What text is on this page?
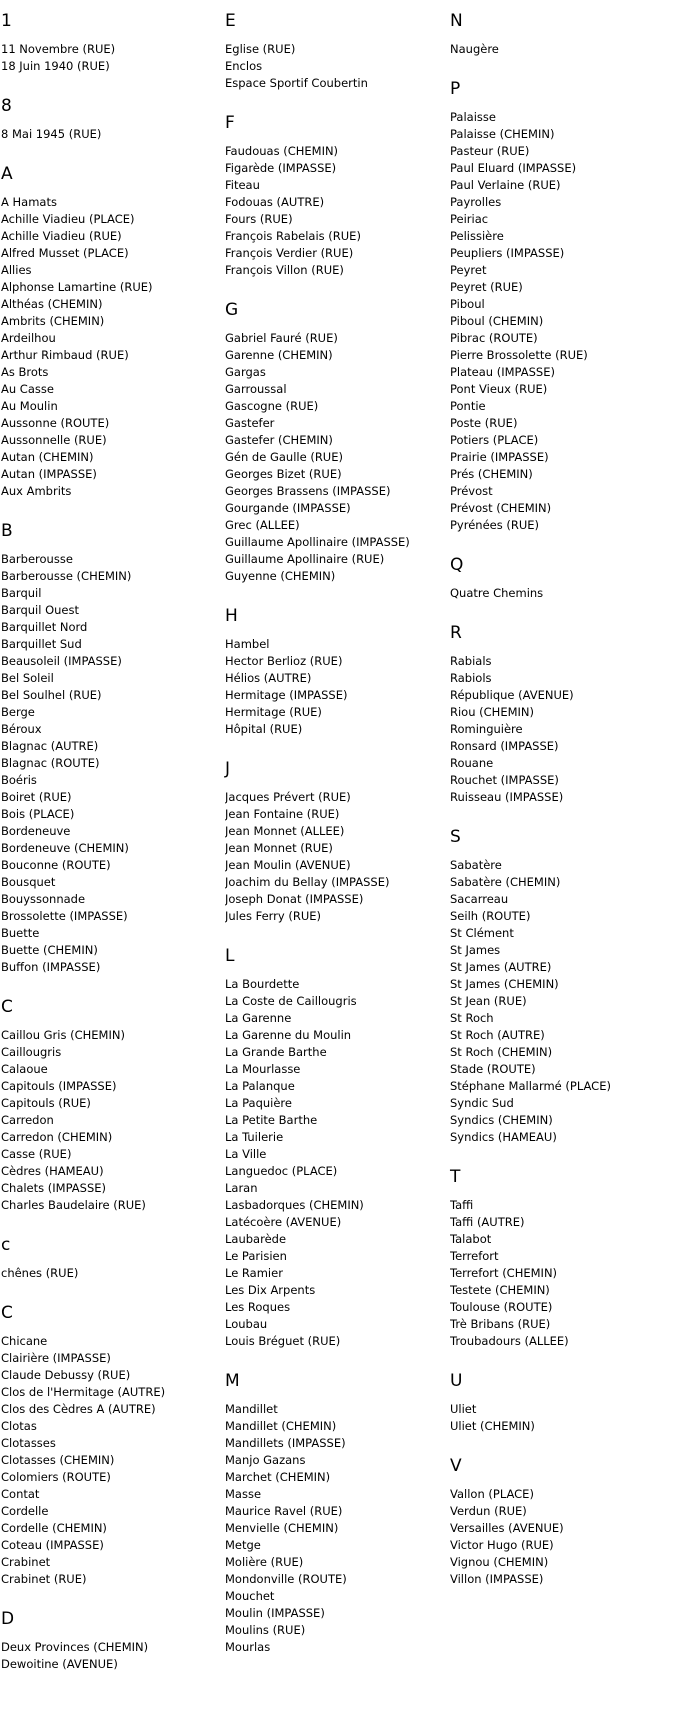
1
11 Novembre (RUE)
18 Juin 1940 (RUE)
8
8 Mai 1945 (RUE)
A
A Hamats
Achille Viadieu (PLACE)
Achille Viadieu (RUE)
Alfred Musset (PLACE)
Allies
Alphonse Lamartine (RUE)
Althéas (CHEMIN)
Ambrits (CHEMIN)
Ardeilhou
Arthur Rimbaud (RUE)
As Brots
Au Casse
Au Moulin
Aussonne (ROUTE)
Aussonnelle (RUE)
Autan (CHEMIN)
Autan (IMPASSE)
Aux Ambrits
B
Barberousse
Barberousse (CHEMIN)
Barquil
Barquil Ouest
Barquillet Nord
Barquillet Sud
Beausoleil (IMPASSE)
Bel Soleil
Bel Soulhel (RUE)
Berge
Béroux
Blagnac (AUTRE)
Blagnac (ROUTE)
Boéris
Boiret (RUE)
Bois (PLACE)
Bordeneuve
Bordeneuve (CHEMIN)
Bouconne (ROUTE)
Bousquet
Bouyssonnade
Brossolette (IMPASSE)
Buette
Buette (CHEMIN)
Buffon (IMPASSE)
C
Caillou Gris (CHEMIN)
Caillougris
Calaoue
Capitouls (IMPASSE)
Capitouls (RUE)
Carredon
Carredon (CHEMIN)
Casse (RUE)
Cèdres (HAMEAU)
Chalets (IMPASSE)
Charles Baudelaire (RUE)
c
chênes (RUE)
C
Chicane
Clairière (IMPASSE)
Claude Debussy (RUE)
Clos de l'Hermitage (AUTRE)
Clos des Cèdres A (AUTRE)
Clotas
Clotasses
Clotasses (CHEMIN)
Colomiers (ROUTE)
Contat
Cordelle
Cordelle (CHEMIN)
Coteau (IMPASSE)
Crabinet
Crabinet (RUE)
D
Deux Provinces (CHEMIN)
Dewoitine (AVENUE)
E
Eglise (RUE)
Enclos
Espace Sportif Coubertin
F
Faudouas (CHEMIN)
Figarède (IMPASSE)
Fiteau
Fodouas (AUTRE)
Fours (RUE)
François Rabelais (RUE)
François Verdier (RUE)
François Villon (RUE)
G
Gabriel Fauré (RUE)
Garenne (CHEMIN)
Gargas
Garroussal
Gascogne (RUE)
Gastefer
Gastefer (CHEMIN)
Gén de Gaulle (RUE)
Georges Bizet (RUE)
Georges Brassens (IMPASSE)
Gourgande (IMPASSE)
Grec (ALLEE)
Guillaume Apollinaire (IMPASSE)
Guillaume Apollinaire (RUE)
Guyenne (CHEMIN)
H
Hambel
Hector Berlioz (RUE)
Hélios (AUTRE)
Hermitage (IMPASSE)
Hermitage (RUE)
Hôpital (RUE)
J
Jacques Prévert (RUE)
Jean Fontaine (RUE)
Jean Monnet (ALLEE)
Jean Monnet (RUE)
Jean Moulin (AVENUE)
Joachim du Bellay (IMPASSE)
Joseph Donat (IMPASSE)
Jules Ferry (RUE)
L
La Bourdette
La Coste de Caillougris
La Garenne
La Garenne du Moulin
La Grande Barthe
La Mourlasse
La Palanque
La Paquière
La Petite Barthe
La Tuilerie
La Ville
Languedoc (PLACE)
Laran
Lasbadorques (CHEMIN)
Latécoère (AVENUE)
Laubarède
Le Parisien
Le Ramier
Les Dix Arpents
Les Roques
Loubau
Louis Bréguet (RUE)
M
Mandillet
Mandillet (CHEMIN)
Mandillets (IMPASSE)
Manjo Gazans
Marchet (CHEMIN)
Masse
Maurice Ravel (RUE)
Menvielle (CHEMIN)
Metge
Molière (RUE)
Mondonville (ROUTE)
Mouchet
Moulin (IMPASSE)
Moulins (RUE)
Mourlas
N
Naugère
P
Palaisse
Palaisse (CHEMIN)
Pasteur (RUE)
Paul Eluard (IMPASSE)
Paul Verlaine (RUE)
Payrolles
Peiriac
Pelissière
Peupliers (IMPASSE)
Peyret
Peyret (RUE)
Piboul
Piboul (CHEMIN)
Pibrac (ROUTE)
Pierre Brossolette (RUE)
Plateau (IMPASSE)
Pont Vieux (RUE)
Pontie
Poste (RUE)
Potiers (PLACE)
Prairie (IMPASSE)
Prés (CHEMIN)
Prévost
Prévost (CHEMIN)
Pyrénées (RUE)
Q
Quatre Chemins
R
Rabials
Rabiols
République (AVENUE)
Riou (CHEMIN)
Rominguière
Ronsard (IMPASSE)
Rouane
Rouchet (IMPASSE)
Ruisseau (IMPASSE)
S
Sabatère
Sabatère (CHEMIN)
Sacarreau
Seilh (ROUTE)
St Clément
St James
St James (AUTRE)
St James (CHEMIN)
St Jean (RUE)
St Roch
St Roch (AUTRE)
St Roch (CHEMIN)
Stade (ROUTE)
Stéphane Mallarmé (PLACE)
Syndic Sud
Syndics (CHEMIN)
Syndics (HAMEAU)
T
Taffi
Taffi (AUTRE)
Talabot
Terrefort
Terrefort (CHEMIN)
Testete (CHEMIN)
Toulouse (ROUTE)
Trè Bribans (RUE)
Troubadours (ALLEE)
U
Uliet
Uliet (CHEMIN)
V
Vallon (PLACE)
Verdun (RUE)
Versailles (AVENUE)
Victor Hugo (RUE)
Vignou (CHEMIN)
Villon (IMPASSE)
